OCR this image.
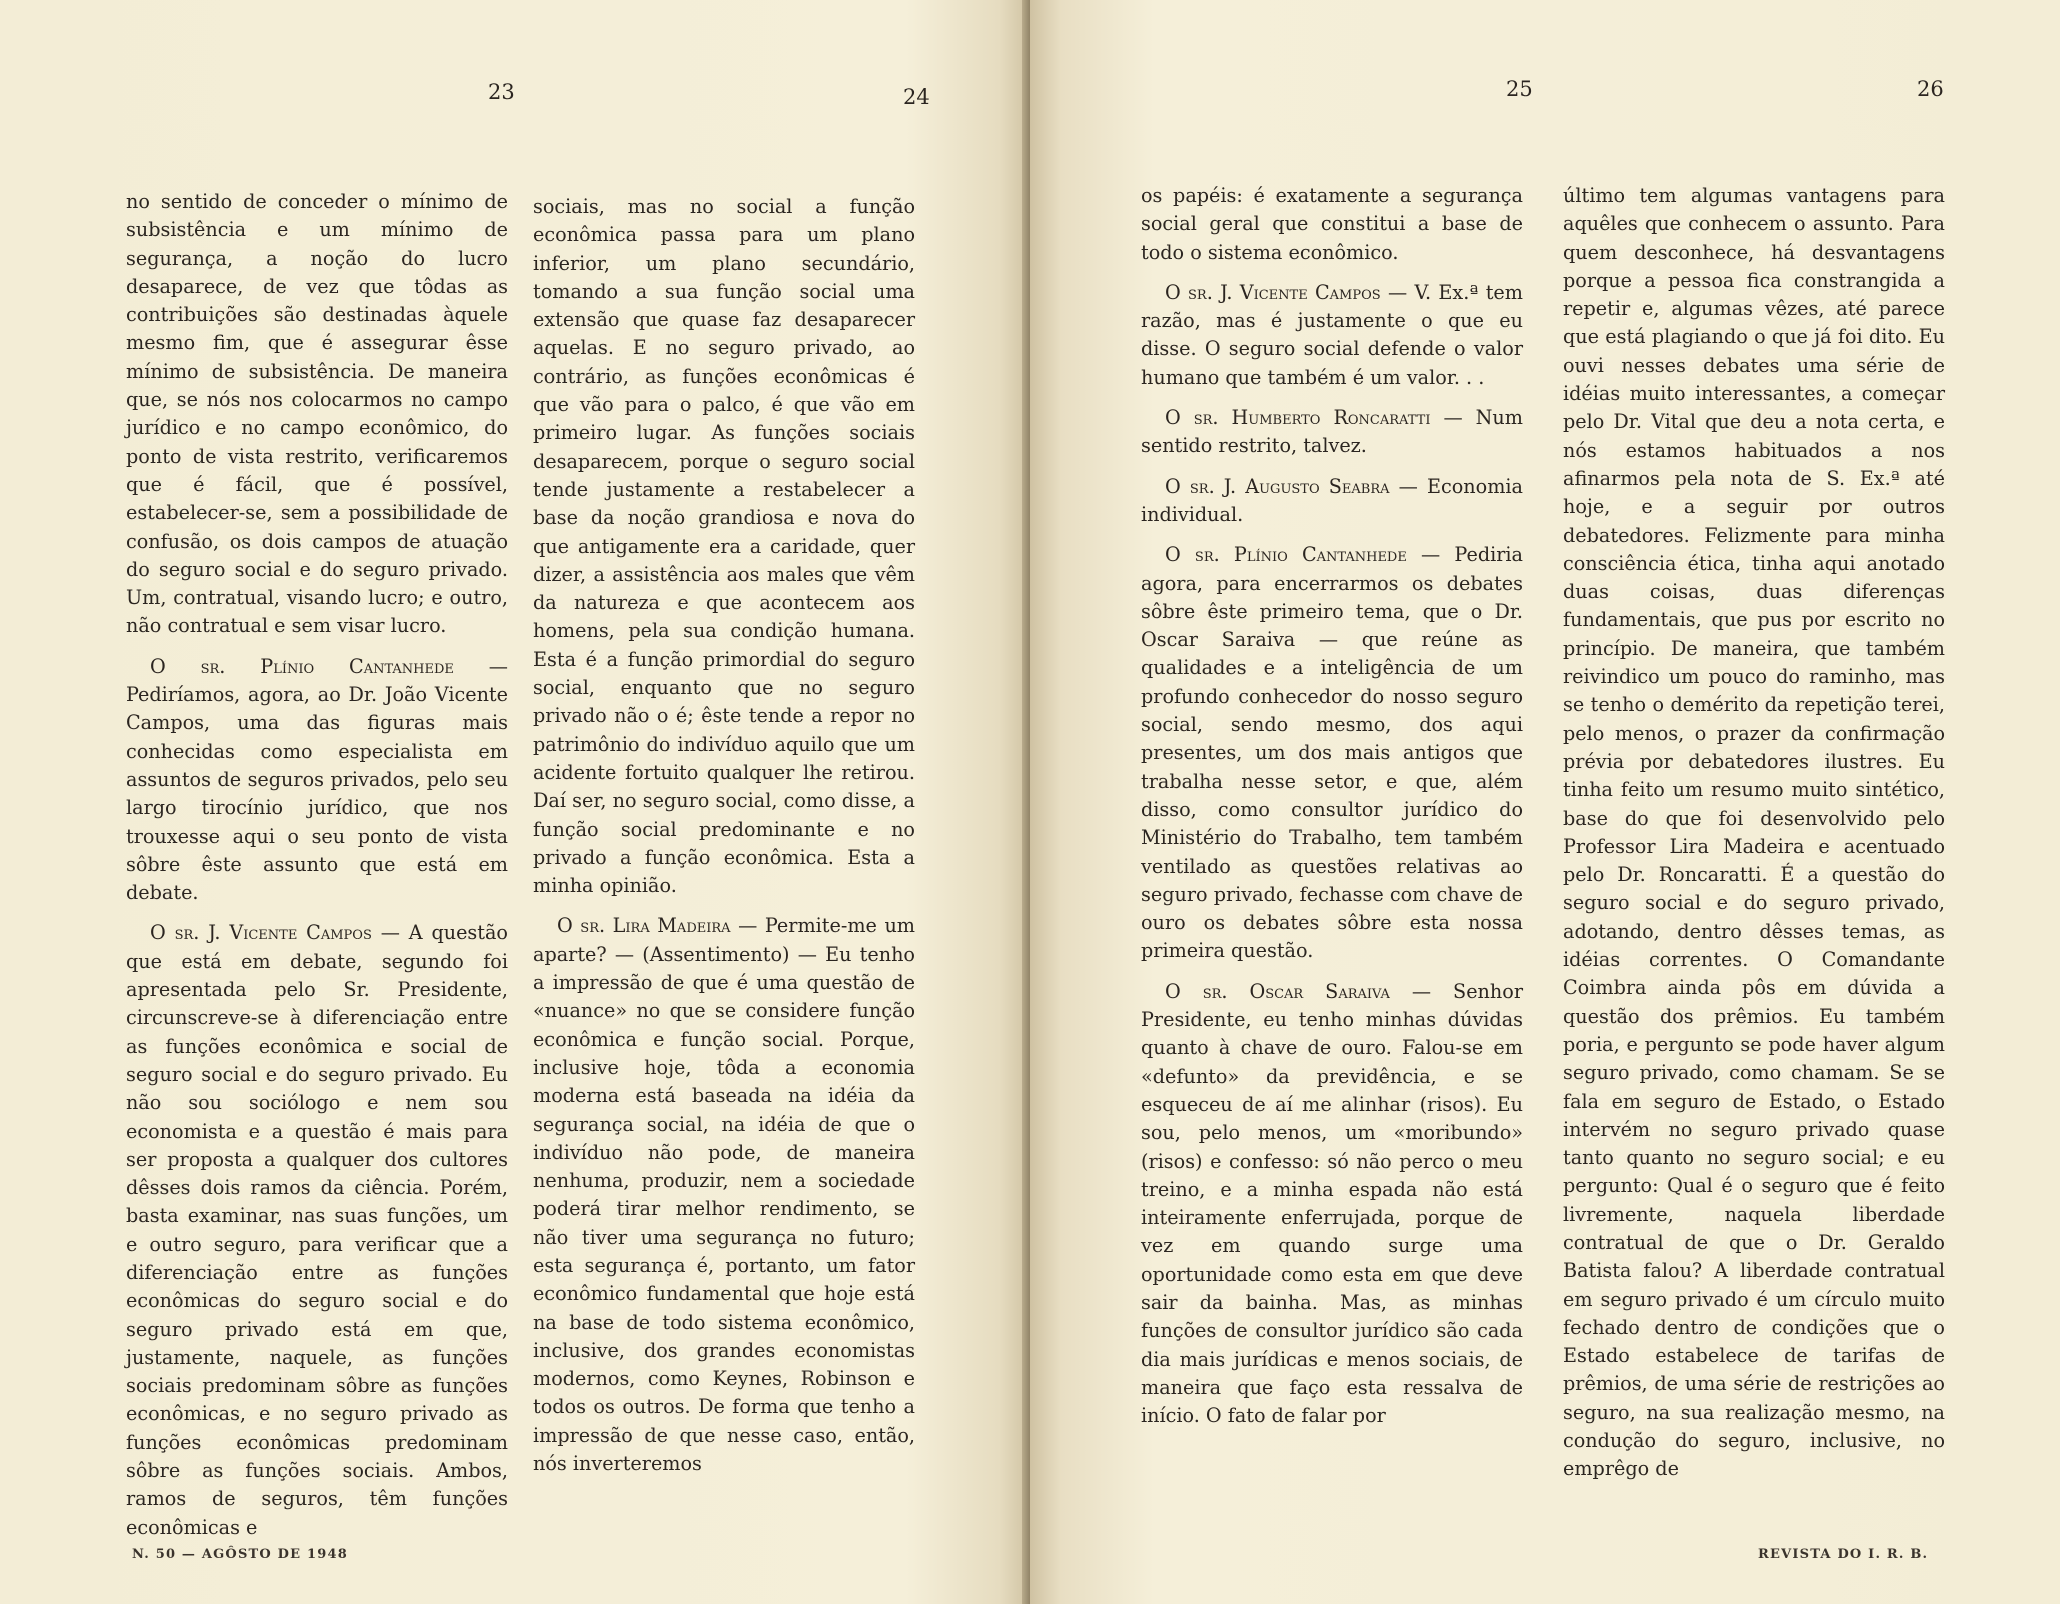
23	24

no sentido de conceder o mínimo de subsistência e um mínimo de segurança, a noção do lucro desaparece, de vez que tôdas as contribuições são destinadas àquele mesmo fim, que é assegurar êsse mínimo de subsistência. De maneira que, se nós nos colocarmos no campo jurídico e no campo econômico, do ponto de vista restrito, verificaremos que é fácil, que é possível, estabelecer-se, sem a possibilidade de confusão, os dois campos de atuação do seguro social e do seguro privado. Um, contratual, visando lucro; e outro, não contratual e sem visar lucro.

O sr. Plínio Cantanhede — Pediríamos, agora, ao Dr. João Vicente Campos, uma das figuras mais conhecidas como especialista em assuntos de seguros privados, pelo seu largo tirocínio jurídico, que nos trouxesse aqui o seu ponto de vista sôbre êste assunto que está em debate.

O sr. J. Vicente Campos — A questão que está em debate, segundo foi apresentada pelo Sr. Presidente, circunscreve-se à diferenciação entre as funções econômica e social de seguro social e do seguro privado. Eu não sou sociólogo e nem sou economista e a questão é mais para ser proposta a qualquer dos cultores dêsses dois ramos da ciência. Porém, basta examinar, nas suas funções, um e outro seguro, para verificar que a diferenciação entre as funções econômicas do seguro social e do seguro privado está em que, justamente, naquele, as funções sociais predominam sôbre as funções econômicas, e no seguro privado as funções econômicas predominam sôbre as funções sociais. Ambos, ramos de seguros, têm funções econômicas e

sociais, mas no social a função econômica passa para um plano inferior, um plano secundário, tomando a sua função social uma extensão que quase faz desaparecer aquelas. E no seguro privado, ao contrário, as funções econômicas é que vão para o palco, é que vão em primeiro lugar. As funções sociais desaparecem, porque o seguro social tende justamente a restabelecer a base da noção grandiosa e nova do que antigamente era a caridade, quer dizer, a assistência aos males que vêm da natureza e que acontecem aos homens, pela sua condição humana. Esta é a função primordial do seguro social, enquanto que no seguro privado não o é; êste tende a repor no patrimônio do indivíduo aquilo que um acidente fortuito qualquer lhe retirou. Daí ser, no seguro social, como disse, a função social predominante e no privado a função econômica. Esta a minha opinião.

O sr. Lira Madeira — Permite-me um aparte? — (Assentimento) — Eu tenho a impressão de que é uma questão de «nuance» no que se considere função econômica e função social. Porque, inclusive hoje, tôda a economia moderna está baseada na idéia da segurança social, na idéia de que o indivíduo não pode, de maneira nenhuma, produzir, nem a sociedade poderá tirar melhor rendimento, se não tiver uma segurança no futuro; esta segurança é, portanto, um fator econômico fundamental que hoje está na base de todo sistema econômico, inclusive, dos grandes economistas modernos, como Keynes, Robinson e todos os outros. De forma que tenho a impressão de que nesse caso, então, nós inverteremos

N. 50 — AGÔSTO DE 1948
25	26

os papéis: é exatamente a segurança social geral que constitui a base de todo o sistema econômico.

O sr. J. Vicente Campos — V. Ex.ª tem razão, mas é justamente o que eu disse. O seguro social defende o valor humano que também é um valor. . .

O sr. Humberto Roncaratti — Num sentido restrito, talvez.

O sr. J. Augusto Seabra — Economia individual.

O sr. Plínio Cantanhede — Pediria agora, para encerrarmos os debates sôbre êste primeiro tema, que o Dr. Oscar Saraiva — que reúne as qualidades e a inteligência de um profundo conhecedor do nosso seguro social, sendo mesmo, dos aqui presentes, um dos mais antigos que trabalha nesse setor, e que, além disso, como consultor jurídico do Ministério do Trabalho, tem também ventilado as questões relativas ao seguro privado, fechasse com chave de ouro os debates sôbre esta nossa primeira questão.

O sr. Oscar Saraiva — Senhor Presidente, eu tenho minhas dúvidas quanto à chave de ouro. Falou-se em «defunto» da previdência, e se esqueceu de aí me alinhar (risos). Eu sou, pelo menos, um «moribundo» (risos) e confesso: só não perco o meu treino, e a minha espada não está inteiramente enferrujada, porque de vez em quando surge uma oportunidade como esta em que deve sair da bainha. Mas, as minhas funções de consultor jurídico são cada dia mais jurídicas e menos sociais, de maneira que faço esta ressalva de início. O fato de falar por

último tem algumas vantagens para aquêles que conhecem o assunto. Para quem desconhece, há desvantagens porque a pessoa fica constrangida a repetir e, algumas vêzes, até parece que está plagiando o que já foi dito. Eu ouvi nesses debates uma série de idéias muito interessantes, a começar pelo Dr. Vital que deu a nota certa, e nós estamos habituados a nos afinarmos pela nota de S. Ex.ª até hoje, e a seguir por outros debatedores. Felizmente para minha consciência ética, tinha aqui anotado duas coisas, duas diferenças fundamentais, que pus por escrito no princípio. De maneira, que também reivindico um pouco do raminho, mas se tenho o demérito da repetição terei, pelo menos, o prazer da confirmação prévia por debatedores ilustres. Eu tinha feito um resumo muito sintético, base do que foi desenvolvido pelo Professor Lira Madeira e acentuado pelo Dr. Roncaratti. É a questão do seguro social e do seguro privado, adotando, dentro dêsses temas, as idéias correntes. O Comandante Coimbra ainda pôs em dúvida a questão dos prêmios. Eu também poria, e pergunto se pode haver algum seguro privado, como chamam. Se se fala em seguro de Estado, o Estado intervém no seguro privado quase tanto quanto no seguro social; e eu pergunto: Qual é o seguro que é feito livremente, naquela liberdade contratual de que o Dr. Geraldo Batista falou? A liberdade contratual em seguro privado é um círculo muito fechado dentro de condições que o Estado estabelece de tarifas de prêmios, de uma série de restrições ao seguro, na sua realização mesmo, na condução do seguro, inclusive, no emprêgo de

REVISTA DO I. R. B.
